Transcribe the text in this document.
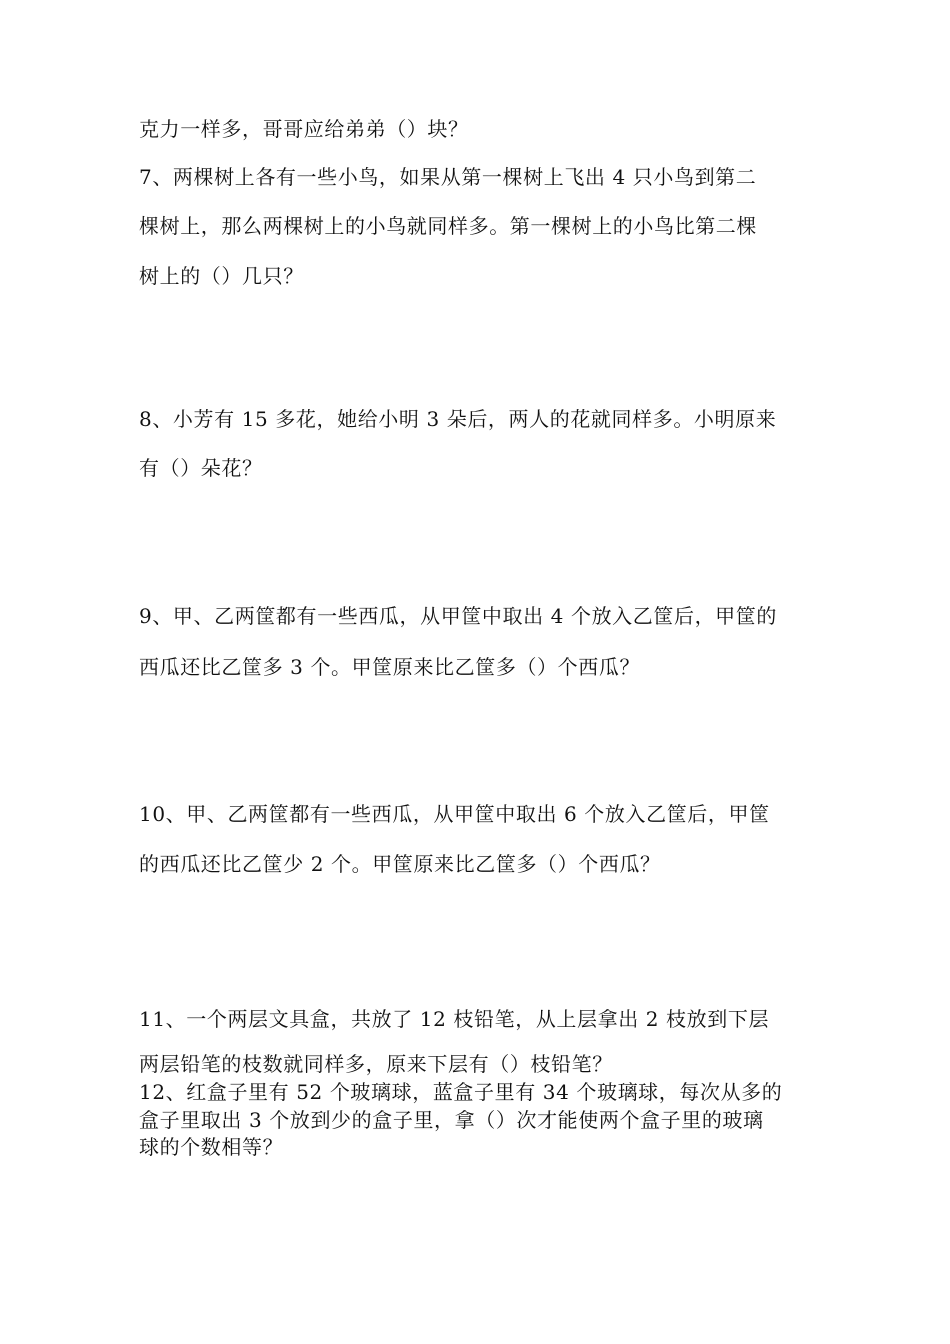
克力一样多，哥哥应给弟弟（）块？
7、两棵树上各有一些小鸟，如果从第一棵树上飞出 4 只小鸟到第二
棵树上，那么两棵树上的小鸟就同样多。第一棵树上的小鸟比第二棵
树上的（）几只？
8、小芳有 15 多花，她给小明 3 朵后，两人的花就同样多。小明原来
有（）朵花？
9、甲、乙两筐都有一些西瓜，从甲筐中取出 4 个放入乙筐后，甲筐的
西瓜还比乙筐多 3 个。甲筐原来比乙筐多（）个西瓜？
10、甲、乙两筐都有一些西瓜，从甲筐中取出 6 个放入乙筐后，甲筐
的西瓜还比乙筐少 2 个。甲筐原来比乙筐多（）个西瓜？
11、一个两层文具盒，共放了 12 枝铅笔，从上层拿出 2 枝放到下层
两层铅笔的枝数就同样多，原来下层有（）枝铅笔？
12、红盒子里有 52 个玻璃球，蓝盒子里有 34 个玻璃球，每次从多的
盒子里取出 3 个放到少的盒子里，拿（）次才能使两个盒子里的玻璃
球的个数相等？
